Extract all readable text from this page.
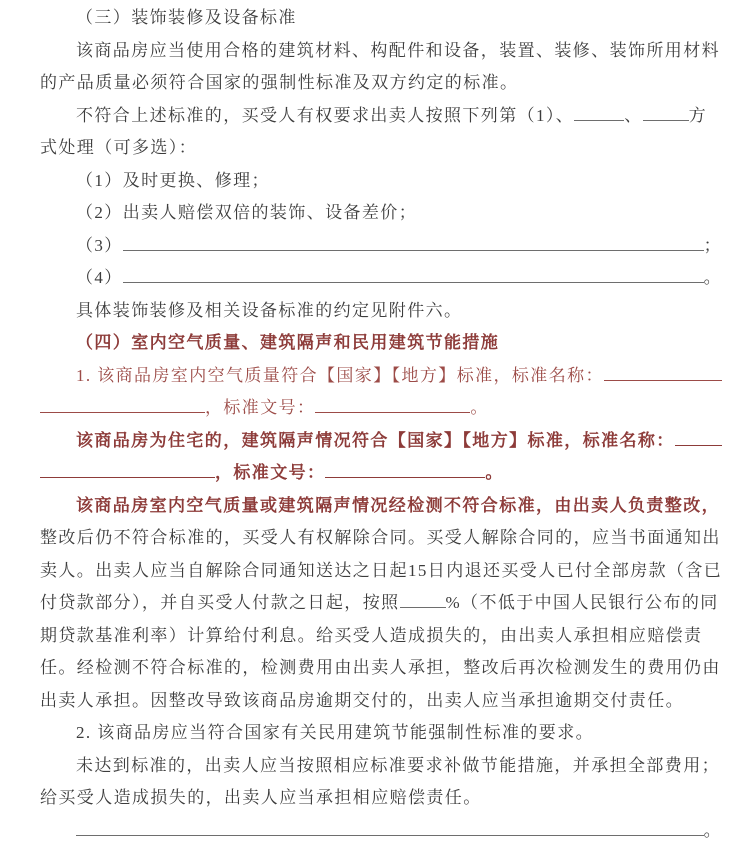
（三）装饰装修及设备标准
该商品房应当使用合格的建筑材料、构配件和设备，装置、装修、装饰所用材料
的产品质量必须符合国家的强制性标准及双方约定的标准。
不符合上述标准的，买受人有权要求出卖人按照下列第（1）、	、	方
式处理（可多选）：
（1）及时更换、修理；
（2）出卖人赔偿双倍的装饰、设备差价；
（3）	；
（4）	。
具体装饰装修及相关设备标准的约定见附件六。
（四）室内空气质量、建筑隔声和民用建筑节能措施
1. 该商品房室内空气质量符合【国家】【地方】标准，标准名称：
，标准文号：	。
该商品房为住宅的，建筑隔声情况符合【国家】【地方】标准，标准名称：
，标准文号：	。
该商品房室内空气质量或建筑隔声情况经检测不符合标准，由出卖人负责整改，
整改后仍不符合标准的，买受人有权解除合同。买受人解除合同的，应当书面通知出
卖人。出卖人应当自解除合同通知送达之日起15日内退还买受人已付全部房款（含已
付贷款部分），并自买受人付款之日起，按照	%（不低于中国人民银行公布的同
期贷款基准利率）计算给付利息。给买受人造成损失的，由出卖人承担相应赔偿责
任。经检测不符合标准的，检测费用由出卖人承担，整改后再次检测发生的费用仍由
出卖人承担。因整改导致该商品房逾期交付的，出卖人应当承担逾期交付责任。
2. 该商品房应当符合国家有关民用建筑节能强制性标准的要求。
未达到标准的，出卖人应当按照相应标准要求补做节能措施，并承担全部费用；
给买受人造成损失的，出卖人应当承担相应赔偿责任。
。
